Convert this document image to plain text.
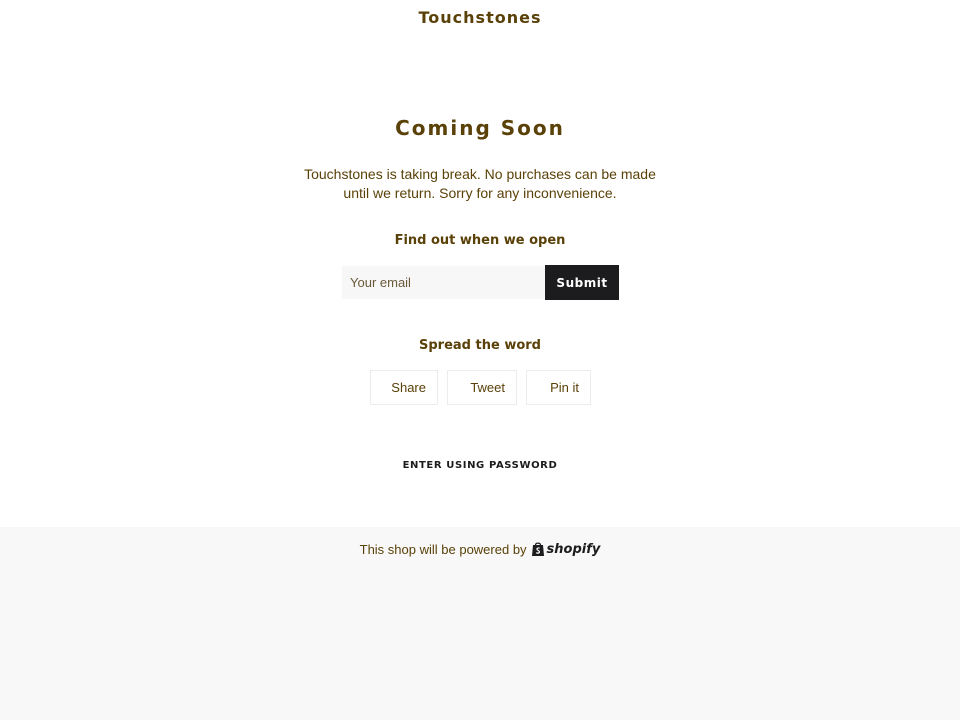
Touchstones
Coming Soon
Touchstones is taking break. No purchases can be made until we return. Sorry for any inconvenience.
Find out when we open
Your email
Submit
Spread the word
Share	Tweet	Pin it
ENTER USING PASSWORD
This shop will be powered by shopify
